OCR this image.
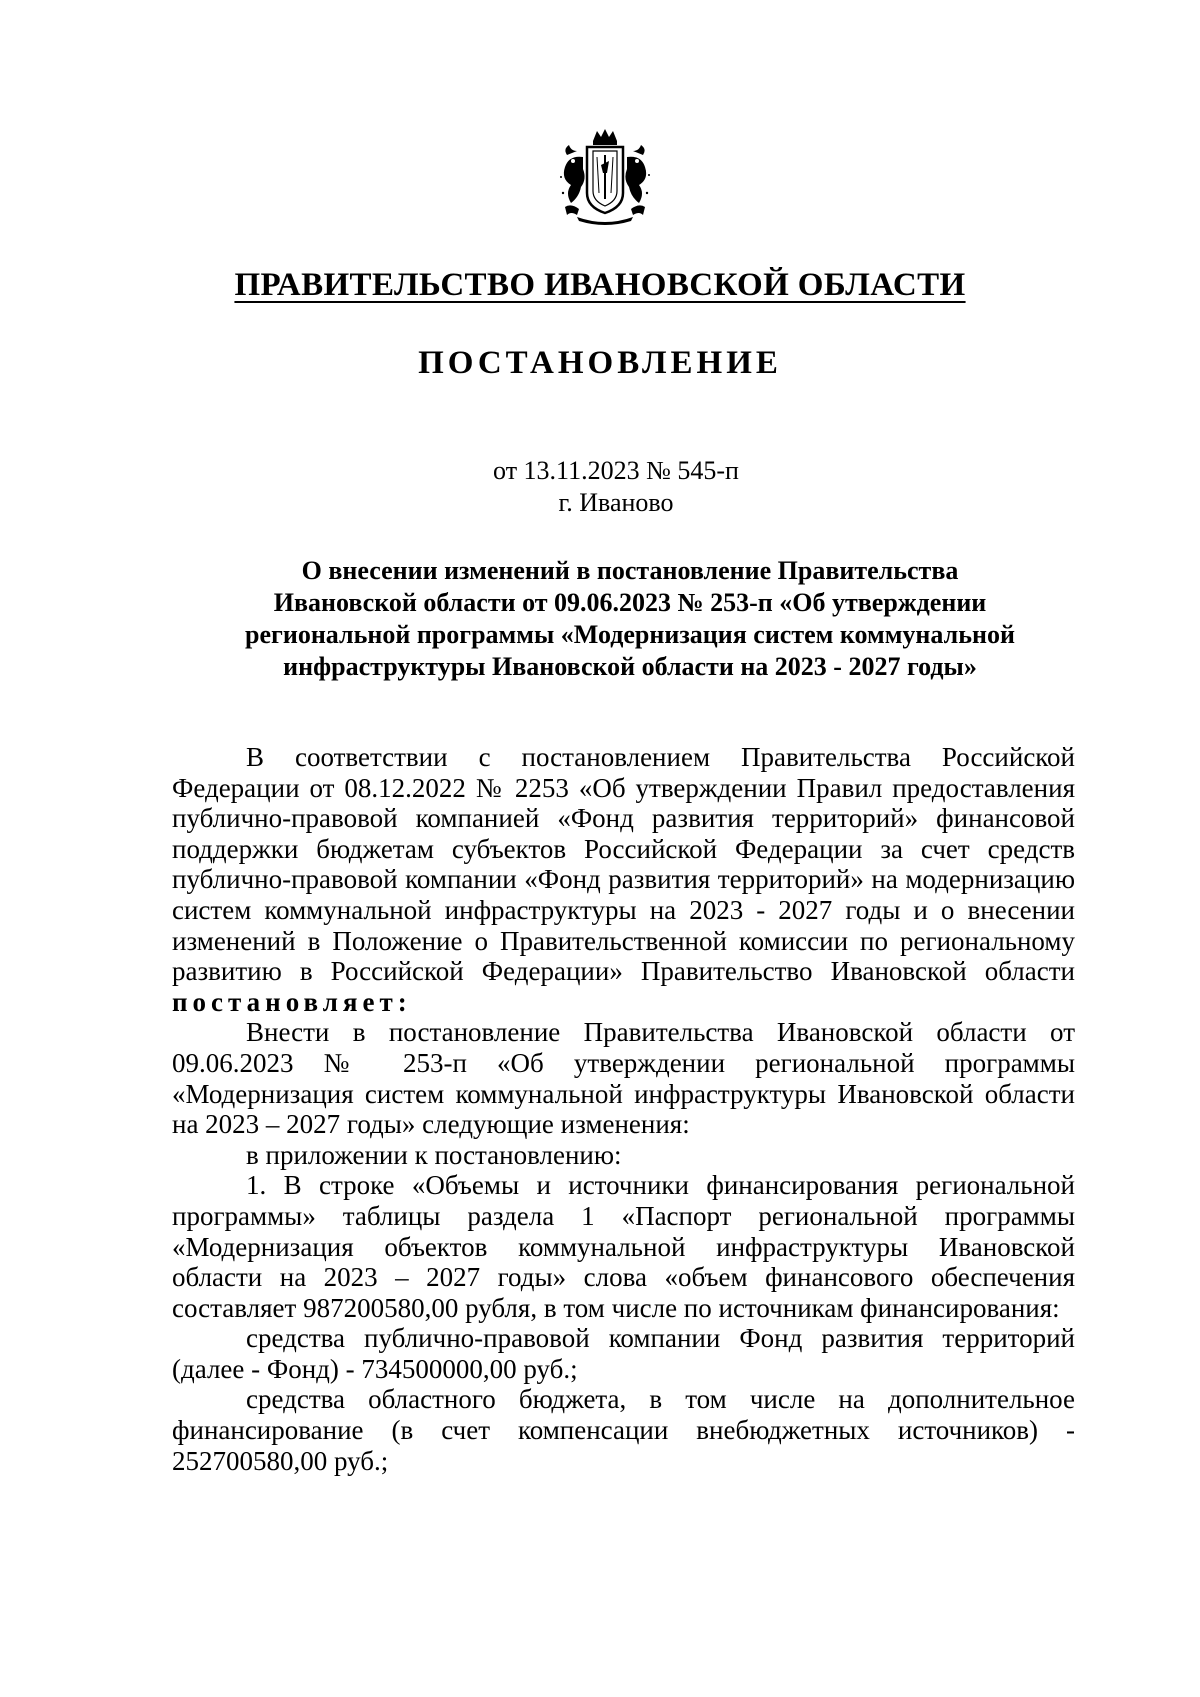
ПРАВИТЕЛЬСТВО ИВАНОВСКОЙ ОБЛАСТИ
ПОСТАНОВЛЕНИЕ
от 13.11.2023 № 545-п
г. Иваново
О внесении изменений в постановление Правительства
Ивановской области от 09.06.2023 № 253-п «Об утверждении
региональной программы «Модернизация систем коммунальной
инфраструктуры Ивановской области на 2023 - 2027 годы»

В соответствии с постановлением Правительства Российской Федерации от 08.12.2022 № 2253 «Об утверждении Правил предоставления публично-правовой компанией «Фонд развития территорий» финансовой поддержки бюджетам субъектов Российской Федерации за счет средств публично-правовой компании «Фонд развития территорий» на модернизацию систем коммунальной инфраструктуры на 2023 - 2027 годы и о внесении изменений в Положение о Правительственной комиссии по региональному развитию в Российской Федерации» Правительство Ивановской области постановляет:

Внести в постановление Правительства Ивановской области от 09.06.2023 № 253-п «Об утверждении региональной программы «Модернизация систем коммунальной инфраструктуры Ивановской области на 2023 – 2027 годы» следующие изменения:

в приложении к постановлению:

1. В строке «Объемы и источники финансирования региональной программы» таблицы раздела 1 «Паспорт региональной программы «Модернизация объектов коммунальной инфраструктуры Ивановской области на 2023 – 2027 годы» слова «объем финансового обеспечения составляет 987200580,00 рубля, в том числе по источникам финансирования:

средства публично-правовой компании Фонд развития территорий (далее - Фонд) - 734500000,00 руб.;

средства областного бюджета, в том числе на дополнительное финансирование (в счет компенсации внебюджетных источников) - 252700580,00 руб.;
